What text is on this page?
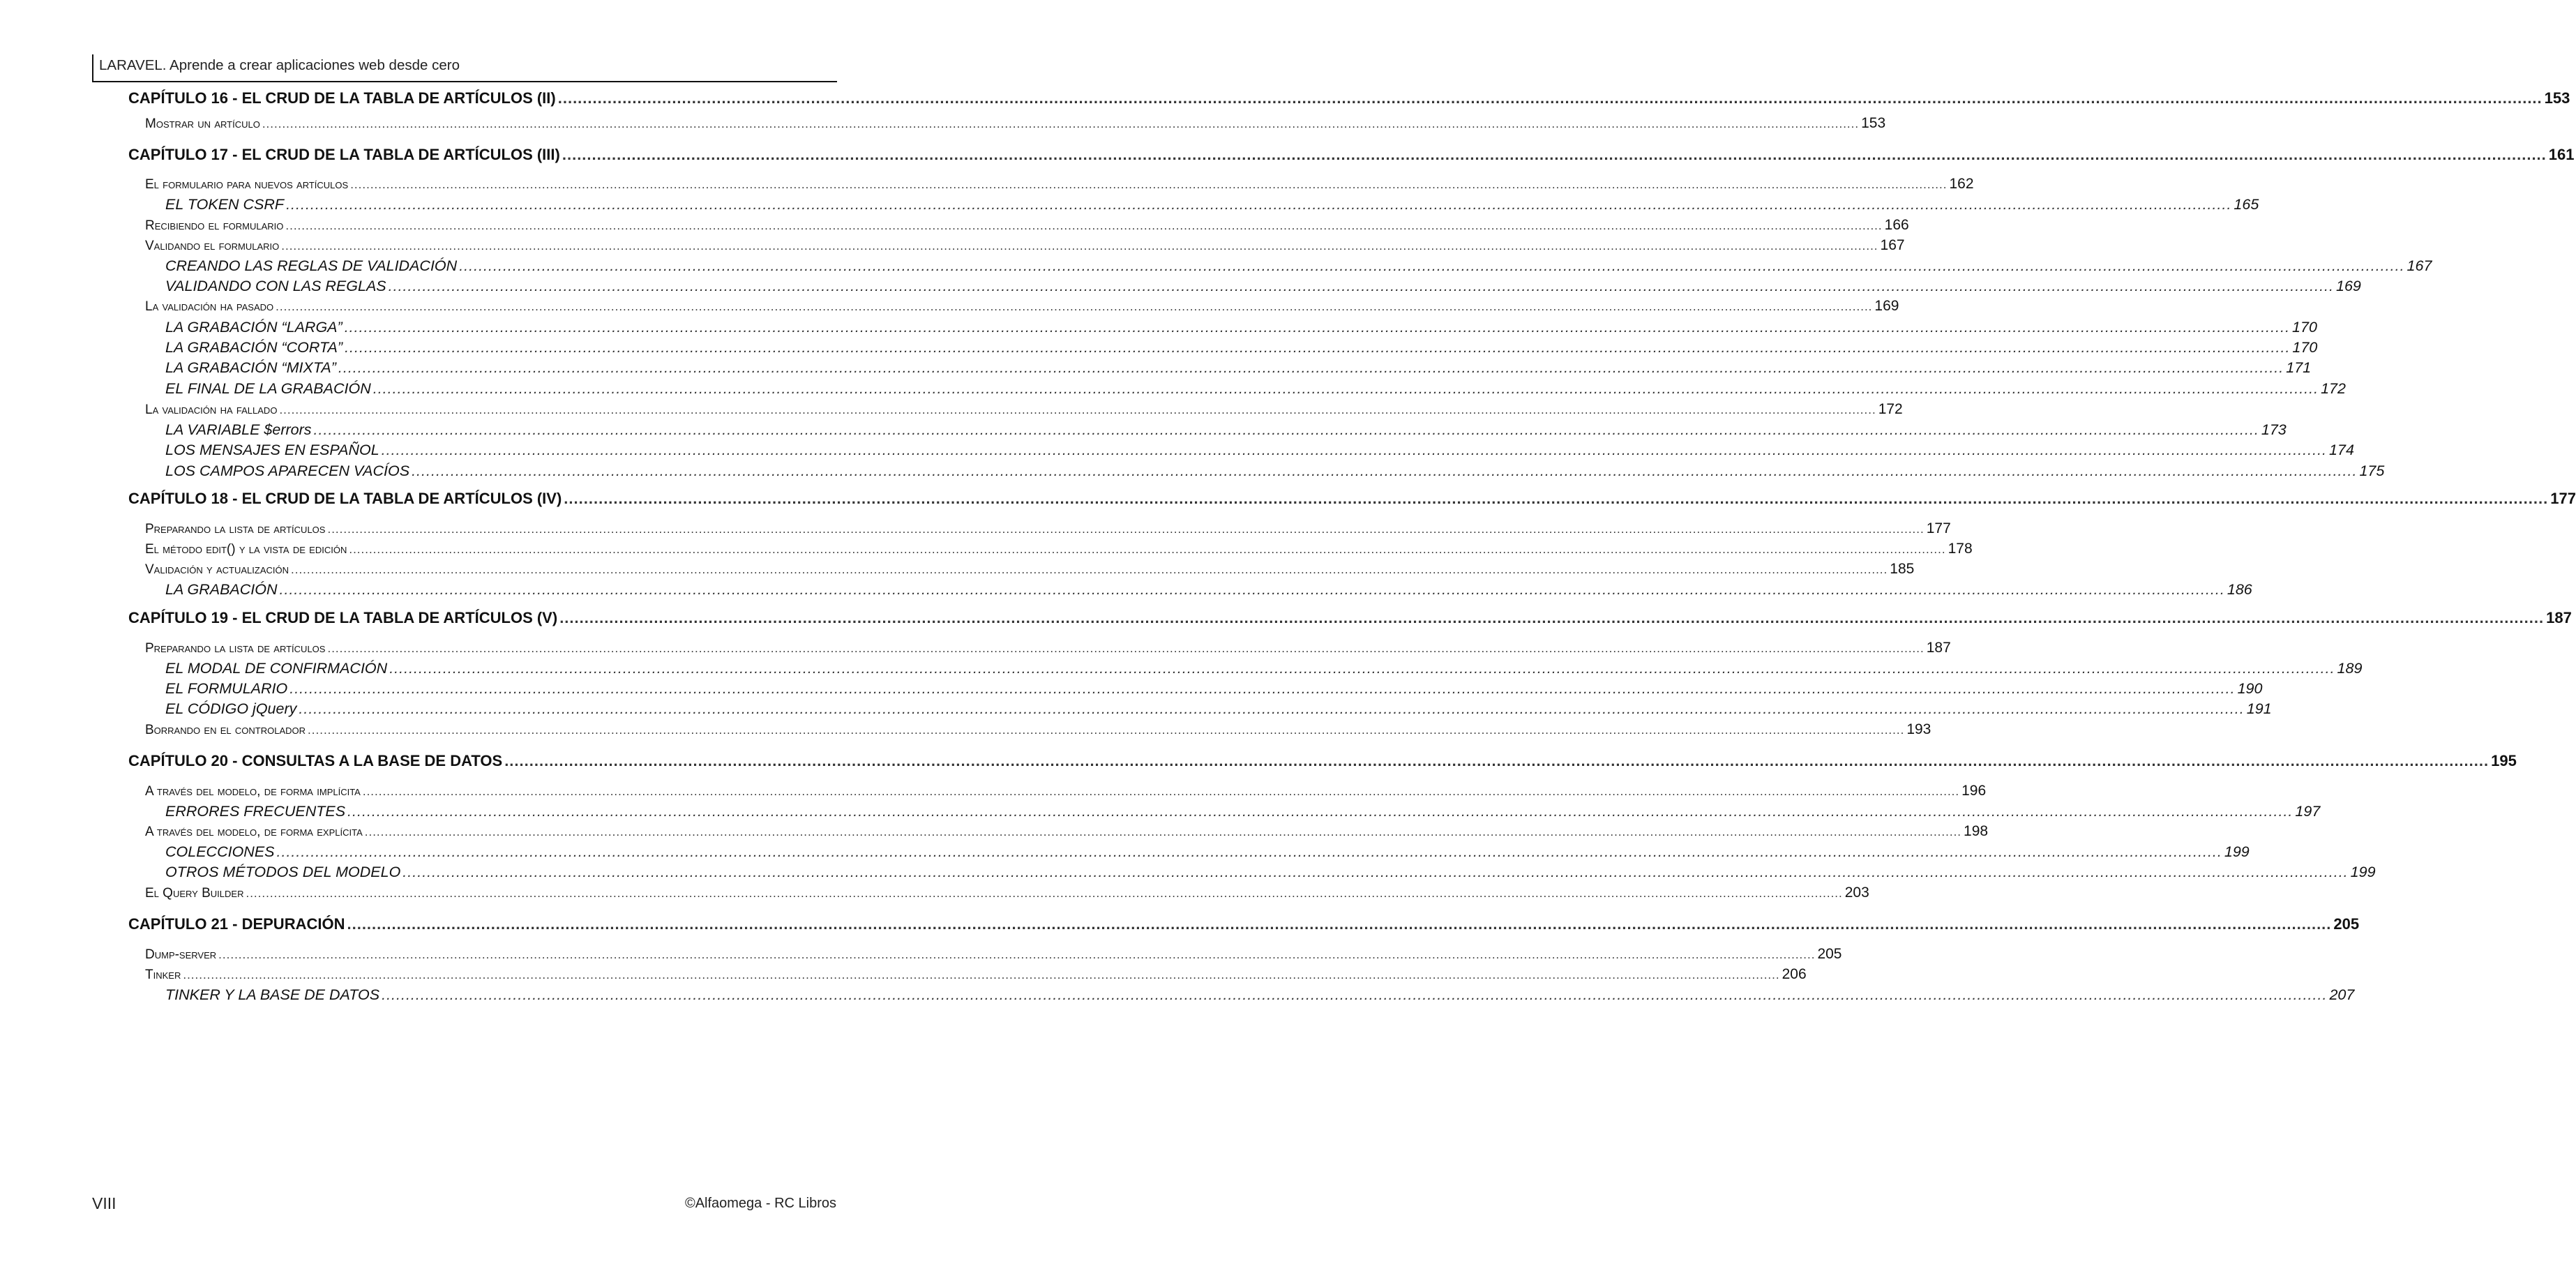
LARAVEL. Aprende a crear aplicaciones web desde cero
CAPÍTULO 16 - EL CRUD DE LA TABLA DE ARTÍCULOS (II) ................................................................................................................................................................................................................................................................................................................................................................................................................ 153
Mostrar un artículo ................................................................................................................................................................................................................................................................................................................................................................................................................ 153
CAPÍTULO 17 - EL CRUD DE LA TABLA DE ARTÍCULOS (III) ................................................................................................................................................................................................................................................................................................................................................................................................................ 161
El formulario para nuevos artículos ................................................................................................................................................................................................................................................................................................................................................................................................................ 162
EL TOKEN CSRF ................................................................................................................................................................................................................................................................................................................................................................................................................ 165
Recibiendo el formulario ................................................................................................................................................................................................................................................................................................................................................................................................................ 166
Validando el formulario ................................................................................................................................................................................................................................................................................................................................................................................................................ 167
CREANDO LAS REGLAS DE VALIDACIÓN ................................................................................................................................................................................................................................................................................................................................................................................................................ 167
VALIDANDO CON LAS REGLAS ................................................................................................................................................................................................................................................................................................................................................................................................................ 169
La validación ha pasado ................................................................................................................................................................................................................................................................................................................................................................................................................ 169
LA GRABACIÓN “LARGA” ................................................................................................................................................................................................................................................................................................................................................................................................................ 170
LA GRABACIÓN “CORTA” ................................................................................................................................................................................................................................................................................................................................................................................................................ 170
LA GRABACIÓN “MIXTA” ................................................................................................................................................................................................................................................................................................................................................................................................................ 171
EL FINAL DE LA GRABACIÓN ................................................................................................................................................................................................................................................................................................................................................................................................................ 172
La validación ha fallado ................................................................................................................................................................................................................................................................................................................................................................................................................ 172
LA VARIABLE $errors ................................................................................................................................................................................................................................................................................................................................................................................................................ 173
LOS MENSAJES EN ESPAÑOL ................................................................................................................................................................................................................................................................................................................................................................................................................ 174
LOS CAMPOS APARECEN VACÍOS ................................................................................................................................................................................................................................................................................................................................................................................................................ 175
CAPÍTULO 18 - EL CRUD DE LA TABLA DE ARTÍCULOS (IV) ................................................................................................................................................................................................................................................................................................................................................................................................................ 177
Preparando la lista de artículos ................................................................................................................................................................................................................................................................................................................................................................................................................ 177
El método edit() y la vista de edición ................................................................................................................................................................................................................................................................................................................................................................................................................ 178
Validación y actualización ................................................................................................................................................................................................................................................................................................................................................................................................................ 185
LA GRABACIÓN ................................................................................................................................................................................................................................................................................................................................................................................................................ 186
CAPÍTULO 19 - EL CRUD DE LA TABLA DE ARTÍCULOS (V) ................................................................................................................................................................................................................................................................................................................................................................................................................ 187
Preparando la lista de artículos ................................................................................................................................................................................................................................................................................................................................................................................................................ 187
EL MODAL DE CONFIRMACIÓN ................................................................................................................................................................................................................................................................................................................................................................................................................ 189
EL FORMULARIO ................................................................................................................................................................................................................................................................................................................................................................................................................ 190
EL CÓDIGO jQuery ................................................................................................................................................................................................................................................................................................................................................................................................................ 191
Borrando en el controlador ................................................................................................................................................................................................................................................................................................................................................................................................................ 193
CAPÍTULO 20 - CONSULTAS A LA BASE DE DATOS ................................................................................................................................................................................................................................................................................................................................................................................................................ 195
A través del modelo, de forma implícita ................................................................................................................................................................................................................................................................................................................................................................................................................ 196
ERRORES FRECUENTES ................................................................................................................................................................................................................................................................................................................................................................................................................ 197
A través del modelo, de forma explícita ................................................................................................................................................................................................................................................................................................................................................................................................................ 198
COLECCIONES ................................................................................................................................................................................................................................................................................................................................................................................................................ 199
OTROS MÉTODOS DEL MODELO ................................................................................................................................................................................................................................................................................................................................................................................................................ 199
El Query Builder ................................................................................................................................................................................................................................................................................................................................................................................................................ 203
CAPÍTULO 21 - DEPURACIÓN ................................................................................................................................................................................................................................................................................................................................................................................................................ 205
Dump-server ................................................................................................................................................................................................................................................................................................................................................................................................................ 205
Tinker ................................................................................................................................................................................................................................................................................................................................................................................................................ 206
TINKER Y LA BASE DE DATOS ................................................................................................................................................................................................................................................................................................................................................................................................................ 207
VIII	©Alfaomega - RC Libros
